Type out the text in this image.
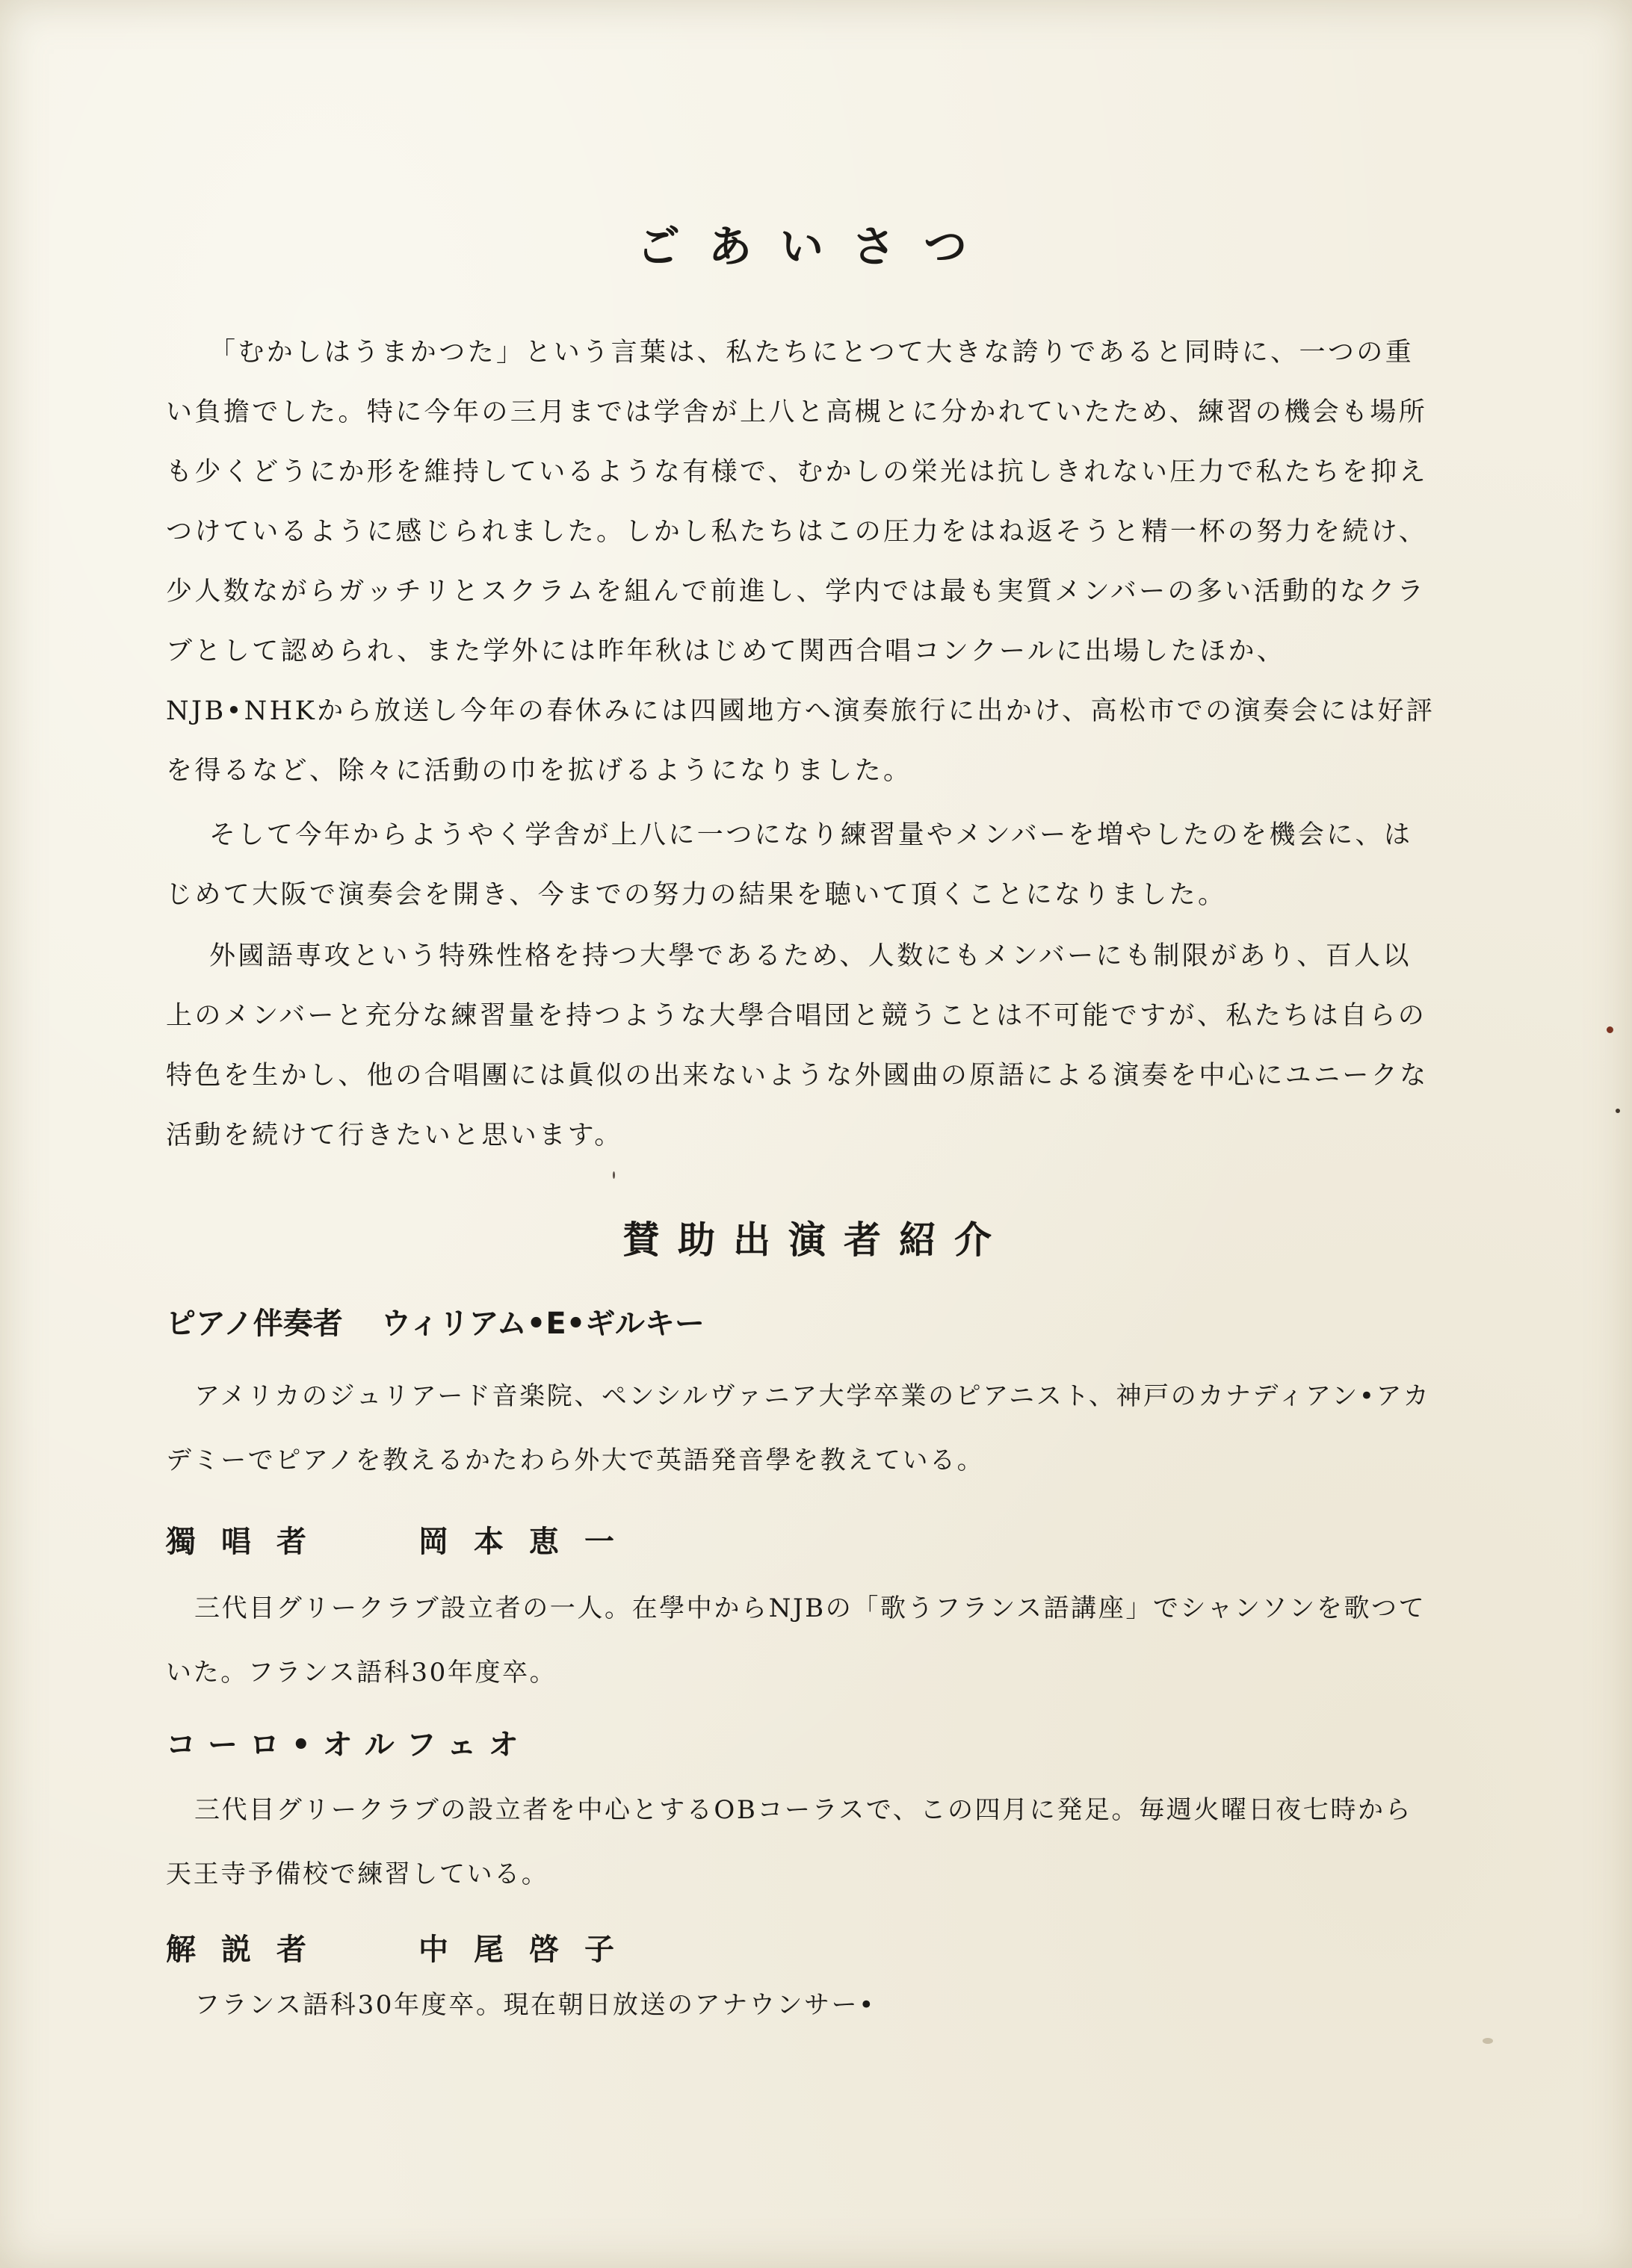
ごあいさつ

「むかしはうまかつた」という言葉は、私たちにとつて大きな誇りであると同時に、一つの重い負擔でした。特に今年の三月までは学舎が上八と高槻とに分かれていたため、練習の機会も場所も少くどうにか形を維持しているような有様で、むかしの栄光は抗しきれない圧力で私たちを抑えつけているように感じられました。しかし私たちはこの圧力をはね返そうと精一杯の努力を続け、少人数ながらガッチリとスクラムを組んで前進し、学内では最も実質メンバーの多い活動的なクラブとして認められ、また学外には昨年秋はじめて関西合唱コンクールに出場したほか、NJB•NHKから放送し今年の春休みには四國地方へ演奏旅行に出かけ、高松市での演奏会には好評を得るなど、除々に活動の巾を拡げるようになりました。

そして今年からようやく学舎が上八に一つになり練習量やメンバーを増やしたのを機会に、はじめて大阪で演奏会を開き、今までの努力の結果を聴いて頂くことになりました。

外國語専攻という特殊性格を持つ大學であるため、人数にもメンバーにも制限があり、百人以上のメンバーと充分な練習量を持つような大學合唱団と競うことは不可能ですが、私たちは自らの特色を生かし、他の合唱團には眞似の出来ないような外國曲の原語による演奏を中心にユニークな活動を続けて行きたいと思います。

賛助出演者紹介
ピアノ伴奏者 ウィリアム•E•ギルキー

アメリカのジュリアード音楽院、ペンシルヴァニア大学卒業のピアニスト、神戸のカナディアン•アカデミーでピアノを教えるかたわら外大で英語発音學を教えている。

獨唱者	岡本恵一

三代目グリークラブ設立者の一人。在學中からNJBの「歌うフランス語講座」でシャンソンを歌つていた。フランス語科30年度卒。

コーロ•オルフェオ

三代目グリークラブの設立者を中心とするOBコーラスで、この四月に発足。毎週火曜日夜七時から天王寺予備校で練習している。

解説者	中尾啓子

フランス語科30年度卒。現在朝日放送のアナウンサー•
